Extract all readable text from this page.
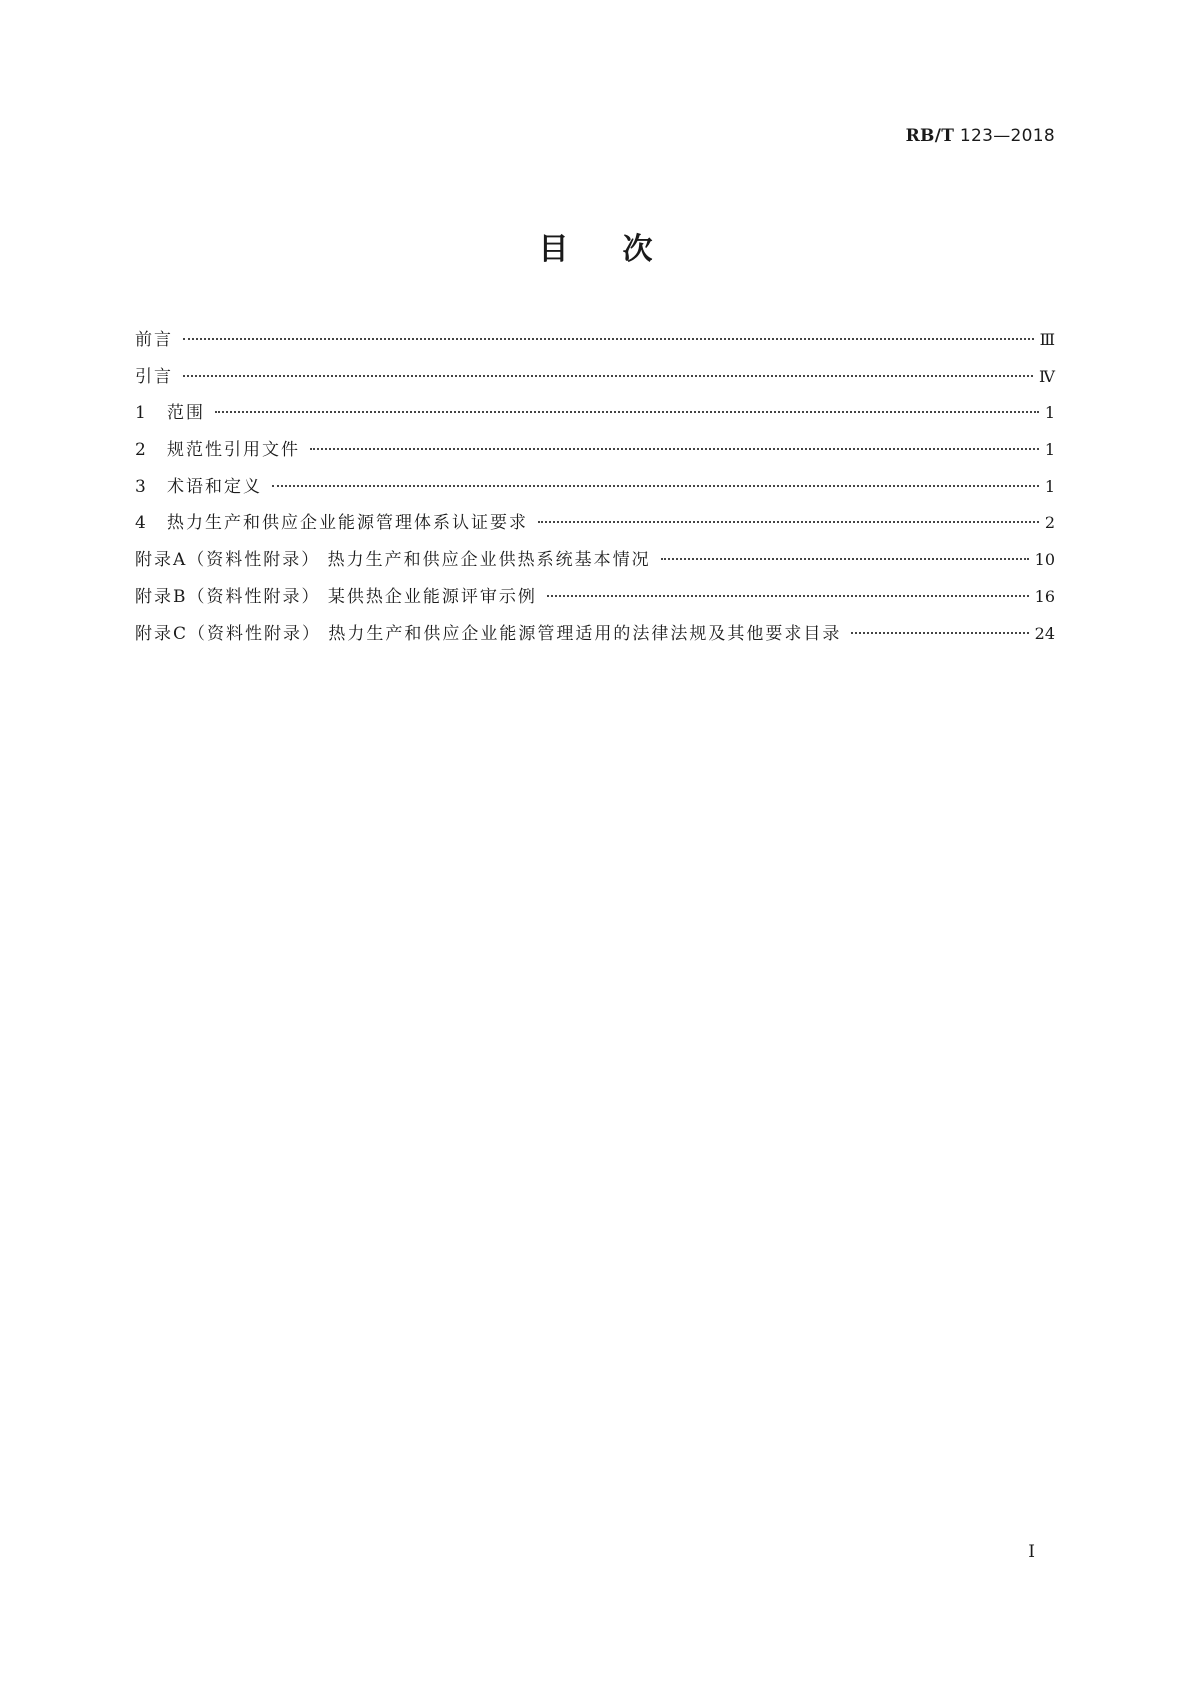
RB/T 123—2018
目次
前言	Ⅲ
引言	Ⅳ
1 范围	1
2 规范性引用文件	1
3 术语和定义	1
4 热力生产和供应企业能源管理体系认证要求	2
附录A（资料性附录） 热力生产和供应企业供热系统基本情况	10
附录B（资料性附录） 某供热企业能源评审示例	16
附录C（资料性附录） 热力生产和供应企业能源管理适用的法律法规及其他要求目录	24
I
